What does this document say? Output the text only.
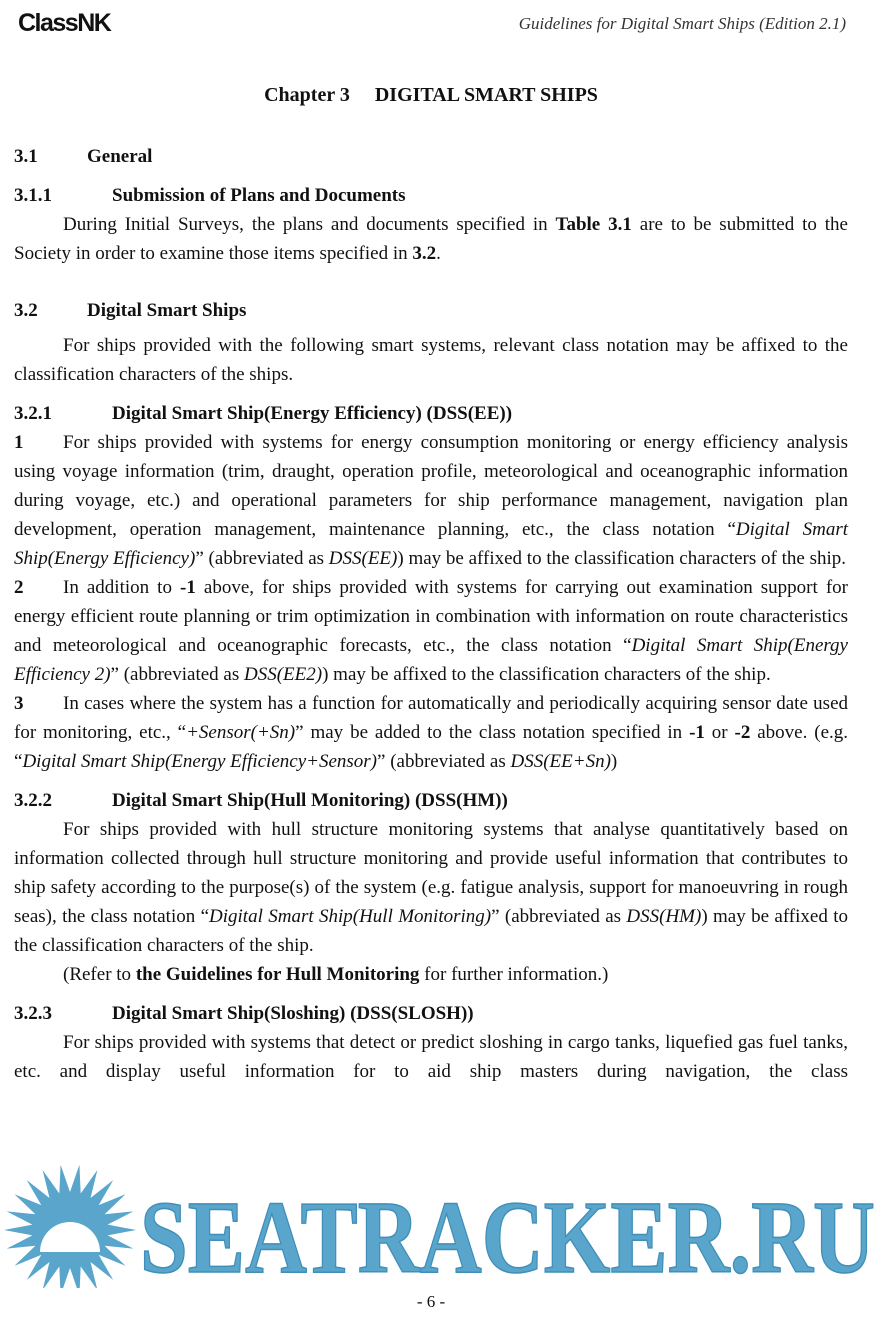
ClassNK	Guidelines for Digital Smart Ships (Edition 2.1)
Chapter 3     DIGITAL SMART SHIPS
3.1	General
3.1.1	Submission of Plans and Documents
During Initial Surveys, the plans and documents specified in Table 3.1 are to be submitted to the Society in order to examine those items specified in 3.2.
3.2	Digital Smart Ships
For ships provided with the following smart systems, relevant class notation may be affixed to the classification characters of the ships.
3.2.1	Digital Smart Ship(Energy Efficiency) (DSS(EE))
1 For ships provided with systems for energy consumption monitoring or energy efficiency analysis using voyage information (trim, draught, operation profile, meteorological and oceanographic information during voyage, etc.) and operational parameters for ship performance management, navigation plan development, operation management, maintenance planning, etc., the class notation “Digital Smart Ship(Energy Efficiency)” (abbreviated as DSS(EE)) may be affixed to the classification characters of the ship.
2 In addition to -1 above, for ships provided with systems for carrying out examination support for energy efficient route planning or trim optimization in combination with information on route characteristics and meteorological and oceanographic forecasts, etc., the class notation “Digital Smart Ship(Energy Efficiency 2)” (abbreviated as DSS(EE2)) may be affixed to the classification characters of the ship.
3 In cases where the system has a function for automatically and periodically acquiring sensor date used for monitoring, etc., “+Sensor(+Sn)” may be added to the class notation specified in -1 or -2 above. (e.g. “Digital Smart Ship(Energy Efficiency+Sensor)” (abbreviated as DSS(EE+Sn))
3.2.2	Digital Smart Ship(Hull Monitoring) (DSS(HM))
For ships provided with hull structure monitoring systems that analyse quantitatively based on information collected through hull structure monitoring and provide useful information that contributes to ship safety according to the purpose(s) of the system (e.g. fatigue analysis, support for manoeuvring in rough seas), the class notation “Digital Smart Ship(Hull Monitoring)” (abbreviated as DSS(HM)) may be affixed to the classification characters of the ship.
(Refer to the Guidelines for Hull Monitoring for further information.)
3.2.3	Digital Smart Ship(Sloshing) (DSS(SLOSH))
For ships provided with systems that detect or predict sloshing in cargo tanks, liquefied gas fuel tanks, etc. and display useful information for to aid ship masters during navigation, the class
SEATRACKER.RU
- 6 -
